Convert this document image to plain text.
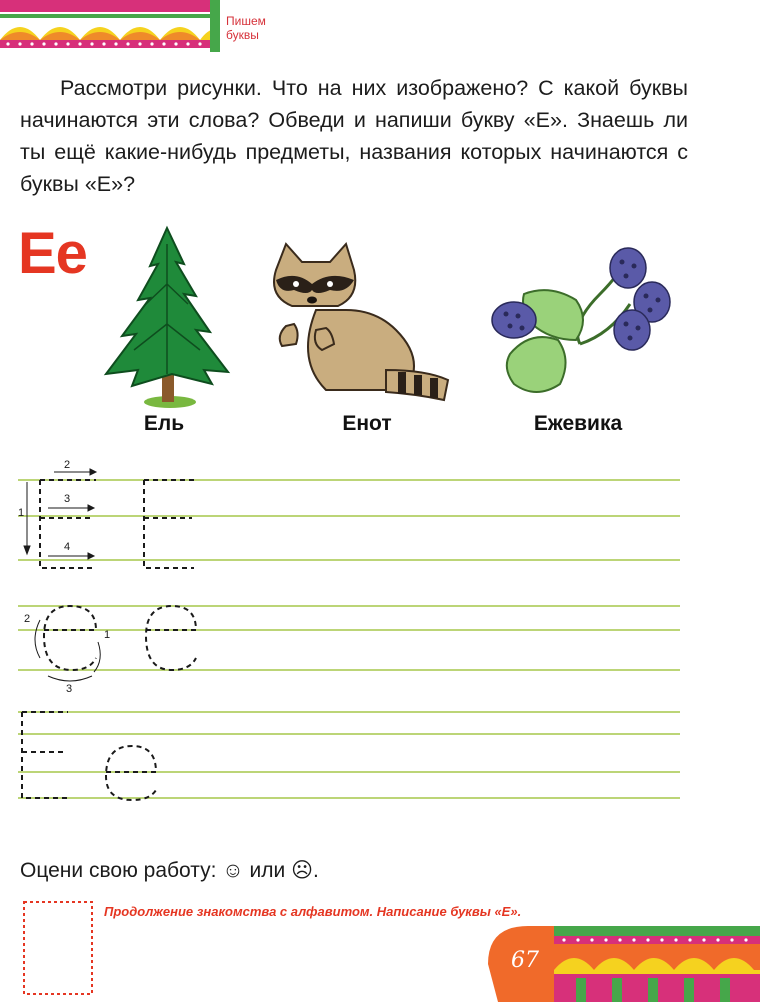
Пишем буквы
Рассмотри рисунки. Что на них изображено? С какой буквы начинаются эти слова? Обведи и напиши букву «Е». Знаешь ли ты ещё какие-нибудь предметы, названия которых начинаются с буквы «Е»?
Ее
Ель	Енот	Ежевика
2
3
4
1
2
1
3
Оцени свою работу: ☺ или ☹.
Продолжение знакомства с алфавитом. Написание буквы «Е».
67
